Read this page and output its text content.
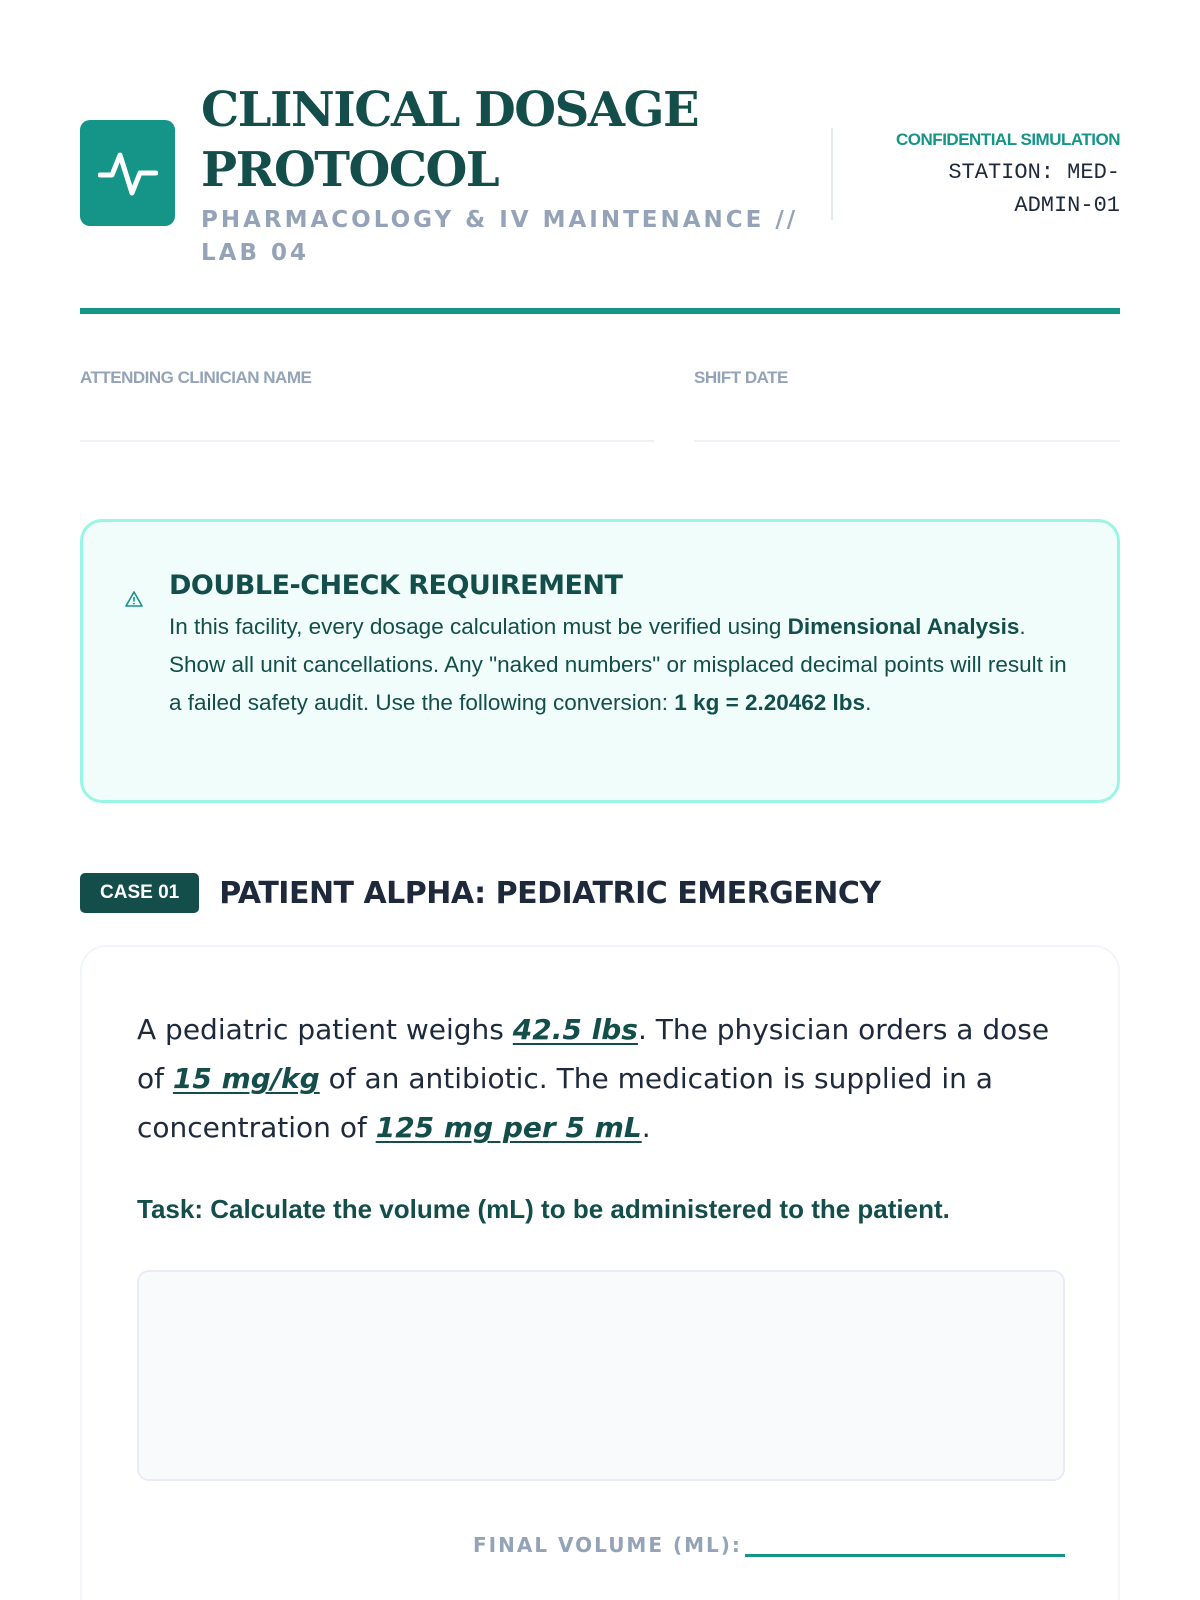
CLINICAL DOSAGE PROTOCOL
PHARMACOLOGY & IV MAINTENANCE // LAB 04
CONFIDENTIAL SIMULATION
STATION: MED-ADMIN-01
ATTENDING CLINICIAN NAME	SHIFT DATE
DOUBLE-CHECK REQUIREMENT
In this facility, every dosage calculation must be verified using Dimensional Analysis. Show all unit cancellations. Any "naked numbers" or misplaced decimal points will result in a failed safety audit. Use the following conversion: 1 kg = 2.20462 lbs.
CASE 01	PATIENT ALPHA: PEDIATRIC EMERGENCY
A pediatric patient weighs 42.5 lbs. The physician orders a dose of 15 mg/kg of an antibiotic. The medication is supplied in a concentration of 125 mg per 5 mL.
Task: Calculate the volume (mL) to be administered to the patient.
FINAL VOLUME (ML):
